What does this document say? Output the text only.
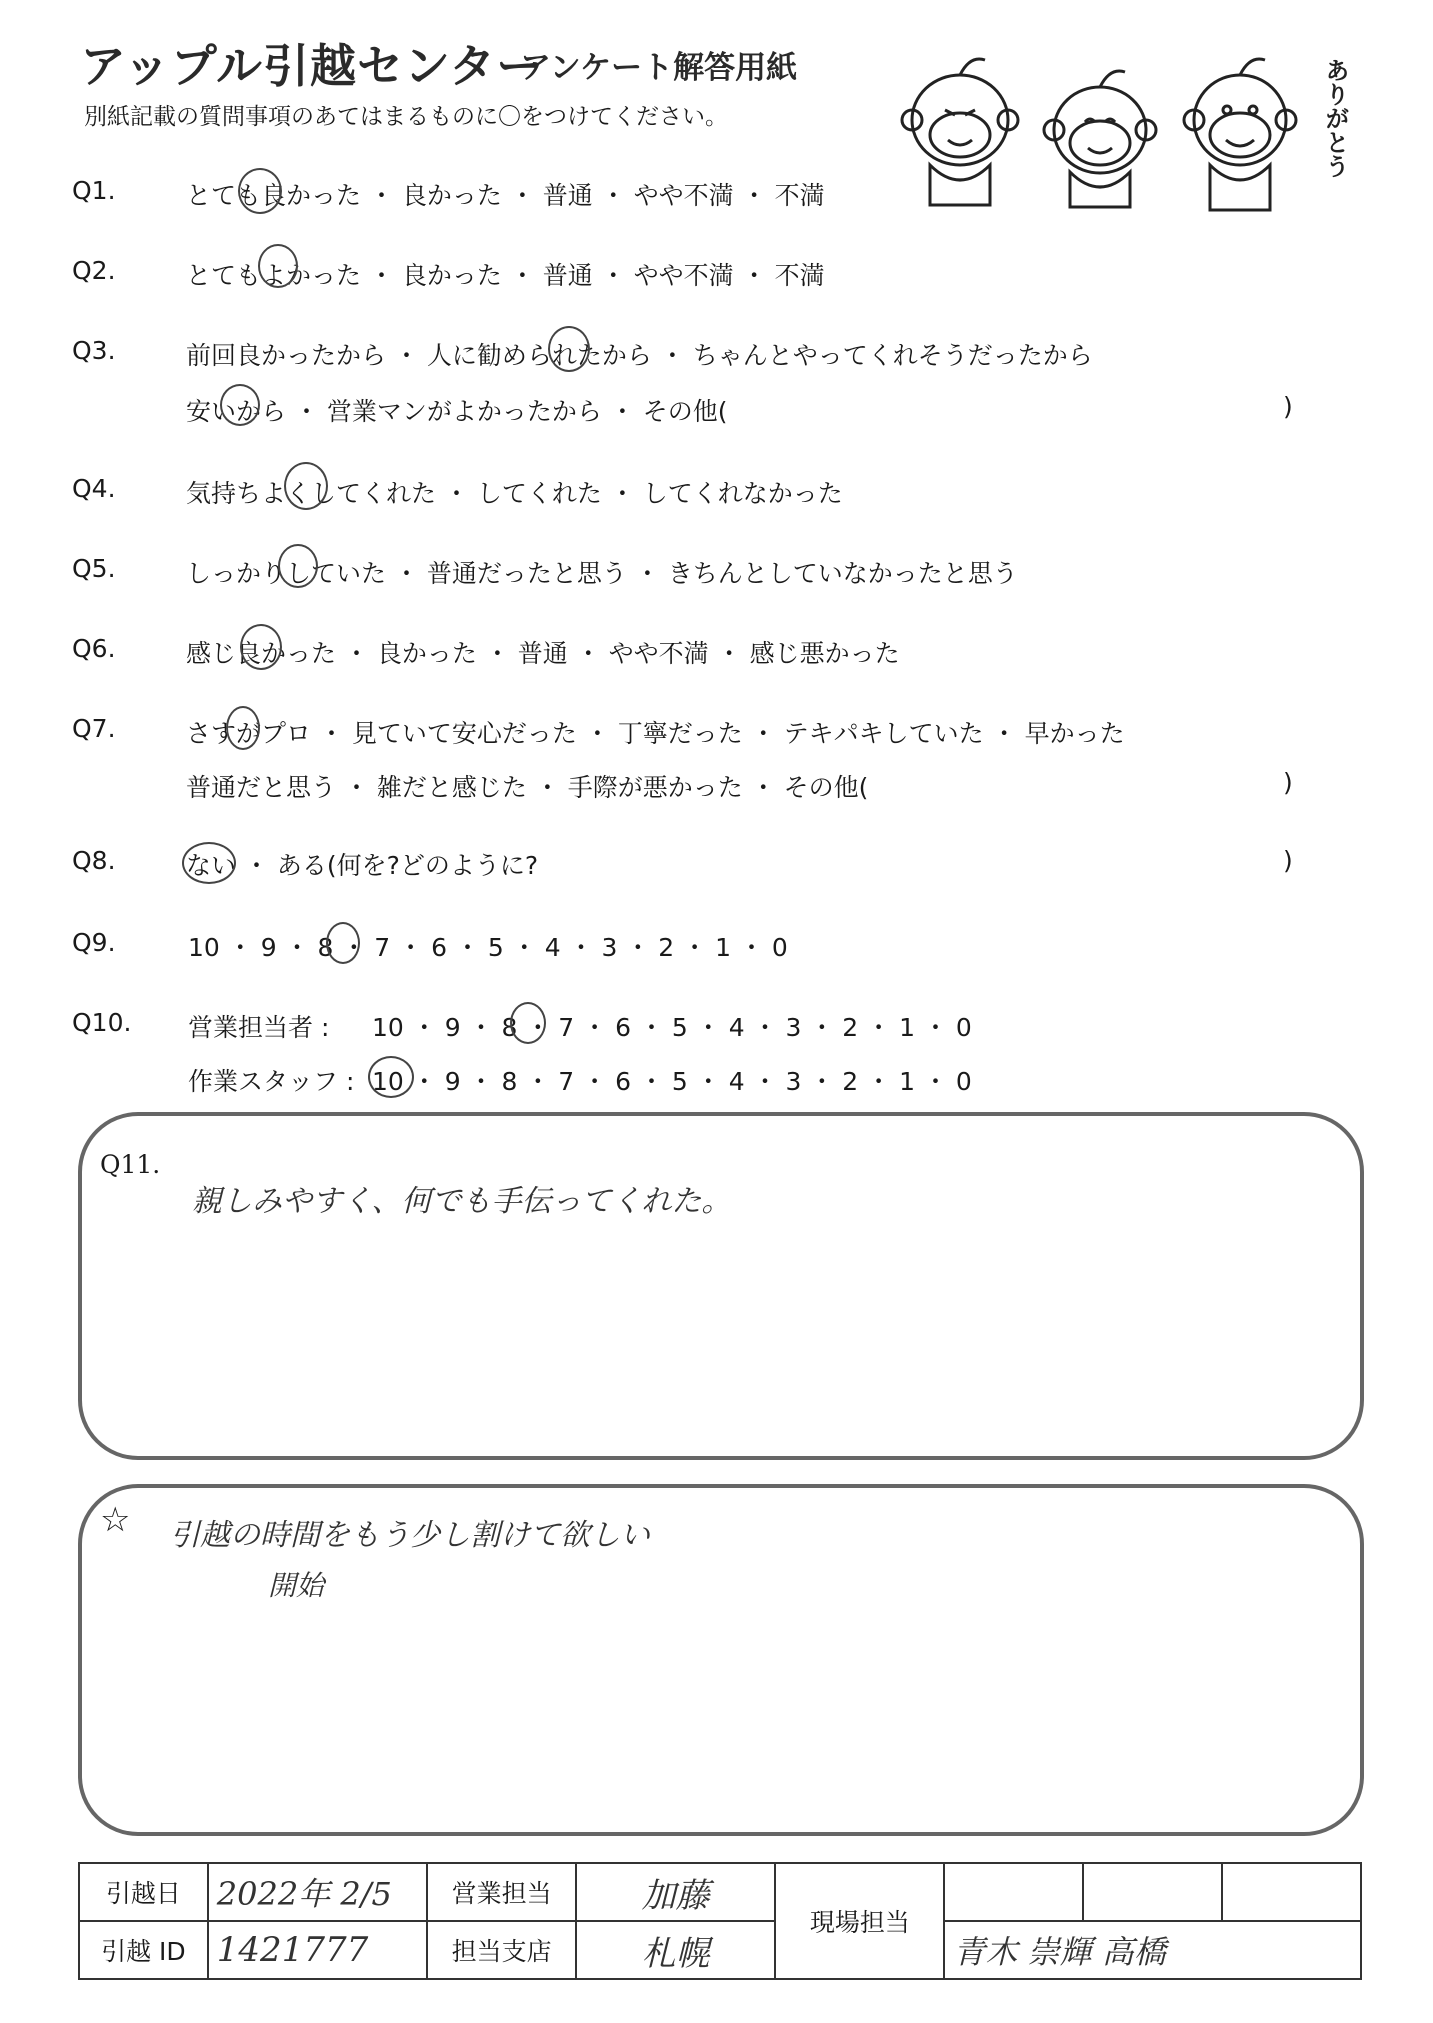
アップル引越センター
アンケート解答用紙
別紙記載の質問事項のあてはまるものに〇をつけてください。	ありがとう
Q1.	とても良かった ・ 良かった ・ 普通 ・ やや不満 ・ 不満
Q2.	とてもよかった ・ 良かった ・ 普通 ・ やや不満 ・ 不満
Q3.	前回良かったから ・ 人に勧められたから ・ ちゃんとやってくれそうだったから
安いから ・ 営業マンがよかったから ・ その他(	)
Q4.	気持ちよくしてくれた ・ してくれた ・ してくれなかった
Q5.	しっかりしていた ・ 普通だったと思う ・ きちんとしていなかったと思う
Q6.	感じ良かった ・ 良かった ・ 普通 ・ やや不満 ・ 感じ悪かった
Q7.	さすがプロ ・ 見ていて安心だった ・ 丁寧だった ・ テキパキしていた ・ 早かった
普通だと思う ・ 雑だと感じた ・ 手際が悪かった ・ その他(	)
Q8.	ない ・ ある(何を?どのように?	)
Q9.	10 ・ 9 ・ 8 ・ 7 ・ 6 ・ 5 ・ 4 ・ 3 ・ 2 ・ 1 ・ 0
Q10. 営業担当者 : 10 ・ 9 ・ 8 ・ 7 ・ 6 ・ 5 ・ 4 ・ 3 ・ 2 ・ 1 ・ 0
作業スタッフ : 10 ・ 9 ・ 8 ・ 7 ・ 6 ・ 5 ・ 4 ・ 3 ・ 2 ・ 1 ・ 0
Q11.
親しみやすく、何でも手伝ってくれた。
☆ 引越の時間をもう少し割けて欲しい
開始
引越日	2022年 2/5	営業担当	加藤	現場担当			
引越 ID	1421777	担当支店	札幌		青木 崇輝 高橋		
